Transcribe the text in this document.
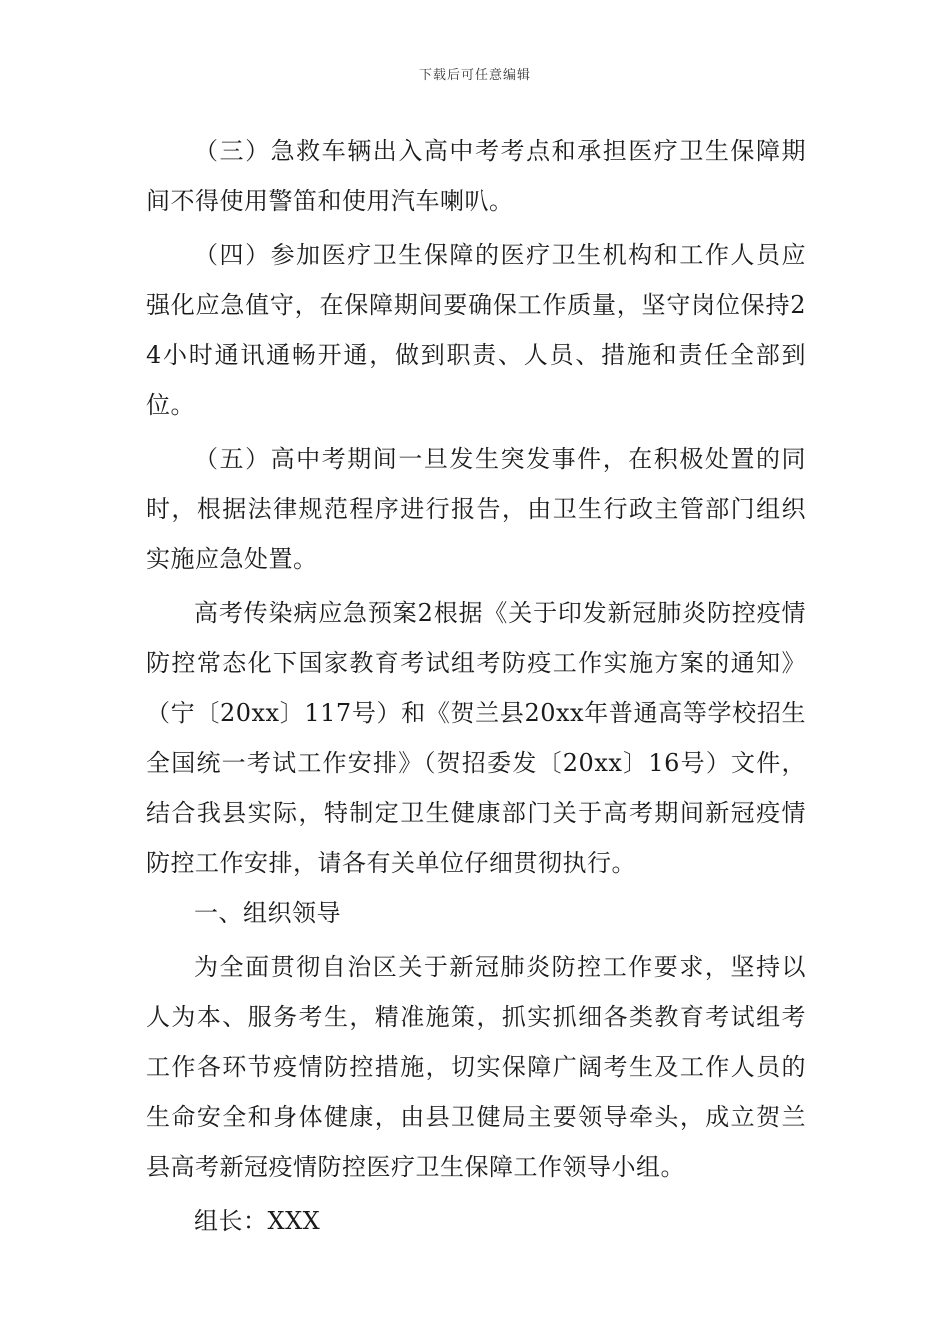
下载后可任意编辑

（三）急救车辆出入高中考考点和承担医疗卫生保障期间不得使用警笛和使用汽车喇叭。

（四）参加医疗卫生保障的医疗卫生机构和工作人员应强化应急值守，在保障期间要确保工作质量，坚守岗位保持24小时通讯通畅开通，做到职责、人员、措施和责任全部到位。

（五）高中考期间一旦发生突发事件，在积极处置的同时，根据法律规范程序进行报告，由卫生行政主管部门组织实施应急处置。

高考传染病应急预案2根据《关于印发新冠肺炎防控疫情防控常态化下国家教育考试组考防疫工作实施方案的通知》（宁〔20xx〕117号）和《贺兰县20xx年普通高等学校招生全国统一考试工作安排》（贺招委发〔20xx〕16号）文件，结合我县实际，特制定卫生健康部门关于高考期间新冠疫情防控工作安排，请各有关单位仔细贯彻执行。

一、组织领导

为全面贯彻自治区关于新冠肺炎防控工作要求，坚持以人为本、服务考生，精准施策，抓实抓细各类教育考试组考工作各环节疫情防控措施，切实保障广阔考生及工作人员的生命安全和身体健康，由县卫健局主要领导牵头，成立贺兰县高考新冠疫情防控医疗卫生保障工作领导小组。

组长：XXX
